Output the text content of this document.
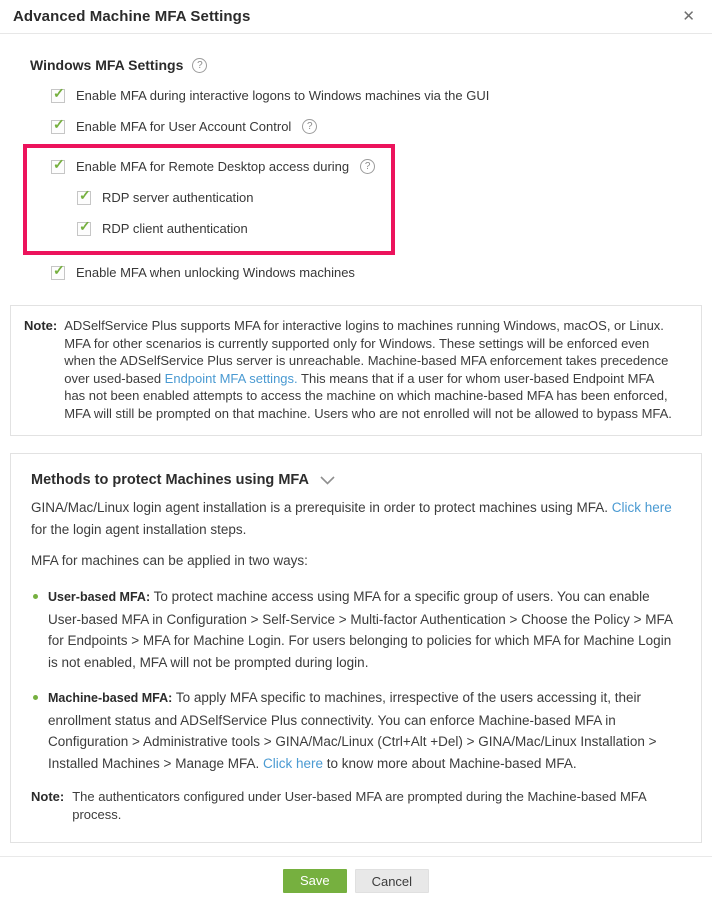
Advanced Machine MFA Settings	✕
Windows MFA Settings	?
✓ Enable MFA during interactive logons to Windows machines via the GUI
✓ Enable MFA for User Account Control	?
✓ Enable MFA for Remote Desktop access during	?
✓ RDP server authentication
✓ RDP client authentication
✓ Enable MFA when unlocking Windows machines
Note: ADSelfService Plus supports MFA for interactive logins to machines running Windows, macOS, or Linux. MFA for other scenarios is currently supported only for Windows. These settings will be enforced even when the ADSelfService Plus server is unreachable. Machine-based MFA enforcement takes precedence over used-based Endpoint MFA settings. This means that if a user for whom user-based Endpoint MFA has not been enabled attempts to access the machine on which machine-based MFA has been enforced, MFA will still be prompted on that machine. Users who are not enrolled will not be allowed to bypass MFA.
Methods to protect Machines using MFA

GINA/Mac/Linux login agent installation is a prerequisite in order to protect machines using MFA. Click here for the login agent installation steps.

MFA for machines can be applied in two ways:

User-based MFA: To protect machine access using MFA for a specific group of users. You can enable User-based MFA in Configuration > Self-Service > Multi-factor Authentication > Choose the Policy > MFA for Endpoints > MFA for Machine Login. For users belonging to policies for which MFA for Machine Login is not enabled, MFA will not be prompted during login.
Machine-based MFA: To apply MFA specific to machines, irrespective of the users accessing it, their enrollment status and ADSelfService Plus connectivity. You can enforce Machine-based MFA in Configuration > Administrative tools > GINA/Mac/Linux (Ctrl+Alt +Del) > GINA/Mac/Linux Installation > Installed Machines > Manage MFA. Click here to know more about Machine-based MFA.
Note: The authenticators configured under User-based MFA are prompted during the Machine-based MFA process.
Save	Cancel
